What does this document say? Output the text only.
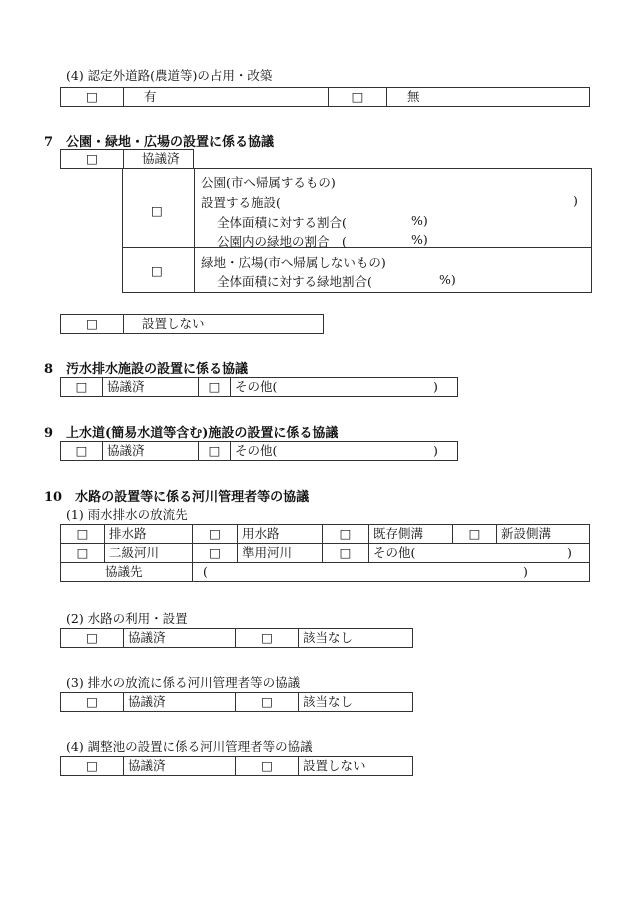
(4) 認定外道路(農道等)の占用・改築
□	有	□	無
7　公園・緑地・広場の設置に係る協議
□	協議済
□
公園(市へ帰属するもの)
設置する施設(	)
全体面積に対する割合(	%)
公園内の緑地の割合　(	%)
□
緑地・広場(市へ帰属しないもの)
全体面積に対する緑地割合(	%)
□	設置しない
8　汚水排水施設の設置に係る協議
□	協議済	□	その他(	)
9　上水道(簡易水道等含む)施設の設置に係る協議
□	協議済	□	その他(	)
10　水路の設置等に係る河川管理者等の協議
(1) 雨水排水の放流先
□	排水路	□	用水路	□	既存側溝	□	新設側溝
□	二級河川	□	準用河川	□	その他( )		

協議先		( )					
(2) 水路の利用・設置
□	協議済	□	該当なし
(3) 排水の放流に係る河川管理者等の協議
□	協議済	□	該当なし
(4) 調整池の設置に係る河川管理者等の協議
□	協議済	□	設置しない
